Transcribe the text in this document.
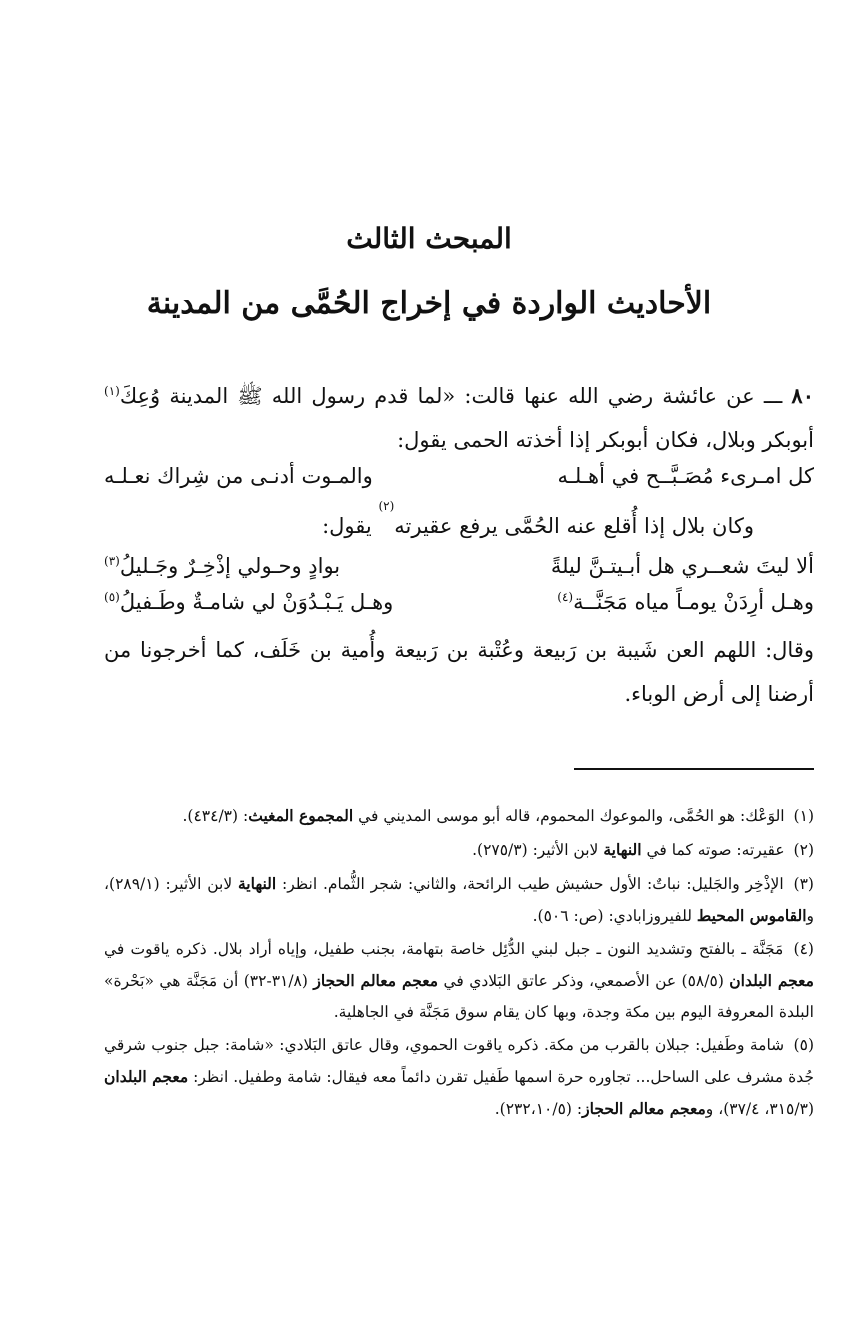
المبحث الثالث
الأحاديث الواردة في إخراج الحُمَّى من المدينة
٨٠ ـــ عن عائشة رضي الله عنها قالت: «لما قدم رسول الله ﷺ المدينة وُعِكَ$^{(١)}$ أبوبكر وبلال، فكان أبوبكر إذا أخذته الحمى يقول:
كل امـرىء مُصَـبَّــح في أهـلـه
والمـوت أدنـى من شِراك نعـلـه
وكان بلال إذا أُقلع عنه الحُمَّى يرفع عقيرته
(٢)

يقول:
ألا ليتَ شعــري هل أبـيتـنَّ ليلةً
بوادٍ وحـولي إذْخِـرٌ وجَـليلُ$^{(٣)}$
وهـل أرِدَنْ يومـاً مياه مَجَنَّــة$^{(٤)}$
وهـل يَـبْـدُوَنْ لي شامـةٌ وطَـفيلُ$^{(٥)}$
وقال: اللهم العن شَيبة بن رَبيعة وعُتْبة بن رَبيعة وأُمية بن خَلَف، كما أخرجونا من أرضنا إلى أرض الوباء.

(١) الوَعْك: هو الحُمَّى، والموعوك المحموم، قاله أبو موسى المديني في المجموع المغيث: (٤٣٤/٣).

(٢) عقيرته: صوته كما في النهاية لابن الأثير: (٢٧٥/٣).

(٣) الإذْخِر والجَليل: نباتٌ: الأول حشيش طيب الرائحة، والثاني: شجر الثُّمام. انظر: النهاية لابن الأثير: (٢٨٩/١)، والقاموس المحيط للفيروزابادي: (ص: ٥٠٦).

(٤) مَجَنَّة ـ بالفتح وتشديد النون ـ جبل لبني الدُّئِل خاصة بتهامة، بجنب طفيل، وإياه أراد بلال. ذكره ياقوت في معجم البلدان (٥٨/٥) عن الأصمعي، وذكر عاتق البَلادي في معجم معالم الحجاز (٣١/٨-٣٢) أن مَجَنَّة هي «بَحْرة» البلدة المعروفة اليوم بين مكة وجدة، وبها كان يقام سوق مَجَنَّة في الجاهلية.

(٥) شامة وطَفيل: جبلان بالقرب من مكة. ذكره ياقوت الحموي، وقال عاتق البَلادي: «شامة: جبل جنوب شرقي جُدة مشرف على الساحل... تجاوره حرة اسمها طَفيل تقرن دائماً معه فيقال: شامة وطفيل. انظر: معجم البلدان (٣١٥/٣، ٣٧/٤)، ومعجم معالم الحجاز: (٢٣٢،١٠/٥).
